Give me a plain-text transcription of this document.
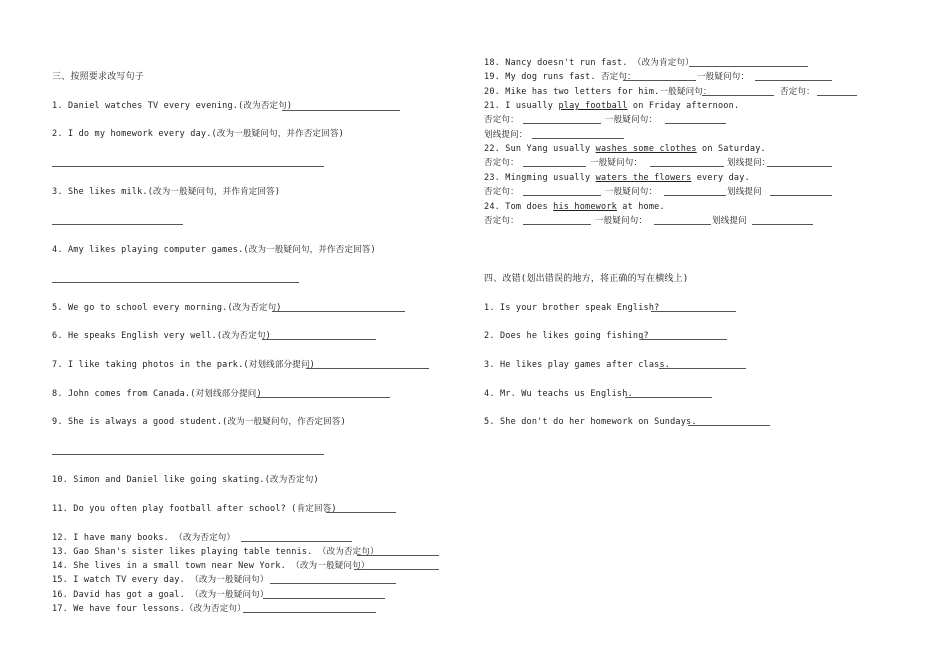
三、按照要求改写句子
1. Daniel watches TV every evening.(改为否定句)
2. I do my homework every day.(改为一般疑问句，并作否定回答)
3. She likes milk.(改为一般疑问句，并作肯定回答)
4. Amy likes playing computer games.(改为一般疑问句，并作否定回答)
5. We go to school every morning.(改为否定句)
6. He speaks English very well.(改为否定句)
7. I like taking photos in the park.(对划线部分提问)
8. John comes from Canada.(对划线部分提问)
9. She is always a good student.(改为一般疑问句，作否定回答)
10. Simon and Daniel like going skating.(改为否定句)
11. Do you often play football after school? (肯定回答)
12. I have many books. （改为否定句）
13. Gao Shan's sister likes playing table tennis. （改为否定句）
14. She lives in a small town near New York. （改为一般疑问句）
15. I watch TV every day. （改为一般疑问句）
16. David has got a goal. （改为一般疑问句）
17. We have four lessons.（改为否定句）
18. Nancy doesn't run fast. （改为肯定句）
19. My dog runs fast. 否定句：	一般疑问句：
20. Mike has two letters for him.一般疑问句：	否定句：
21. I usually play football on Friday afternoon.
否定句：	一般疑问句：
划线提问：
22. Sun Yang usually washes some clothes on Saturday.
否定句：	一般疑问句：	划线提问：
23. Mingming usually waters the flowers every day.
否定句：	一般疑问句：	划线提问
24. Tom does his homework at home.
否定句：	一般疑问句：	划线提问
四、改错(划出错误的地方，将正确的写在横线上)
1. Is your brother speak English?
2. Does he likes going fishing?
3. He likes play games after class.
4. Mr. Wu teachs us English.
5. She don't do her homework on Sundays.
